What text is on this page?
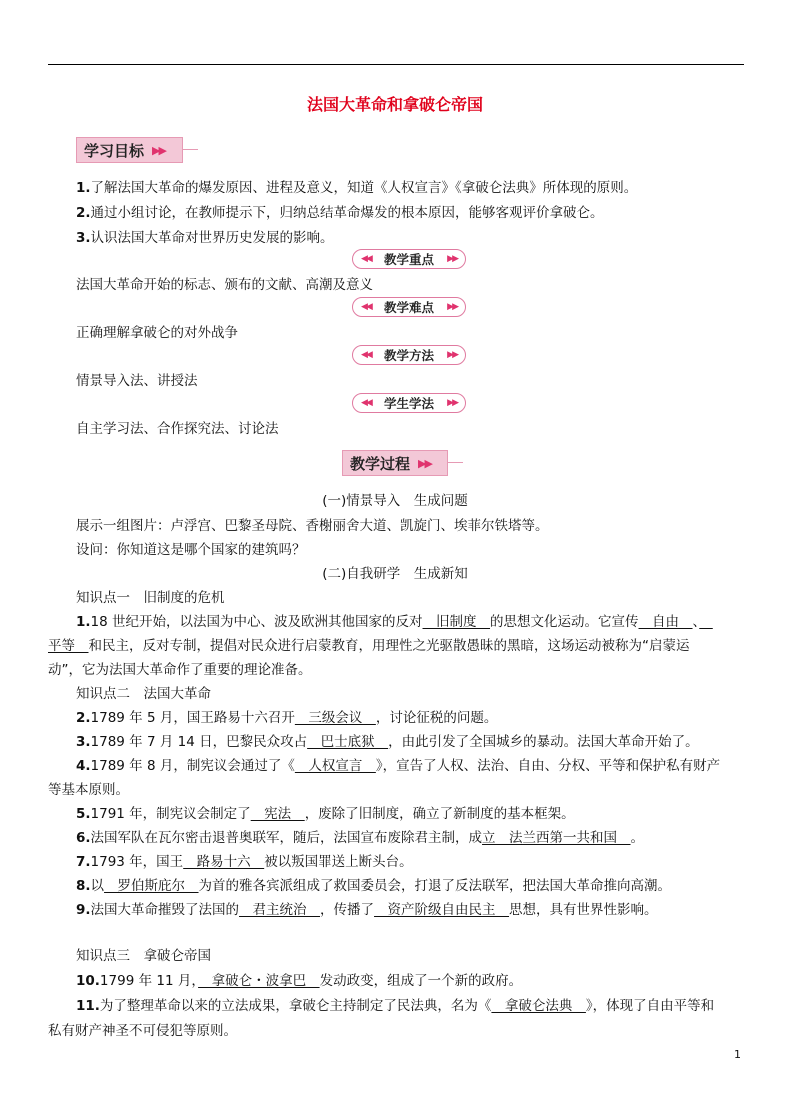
法国大革命和拿破仑帝国
学习目标 ▶▶
1.了解法国大革命的爆发原因、进程及意义，知道《人权宣言》《拿破仑法典》所体现的原则。
2.通过小组讨论，在教师提示下，归纳总结革命爆发的根本原因，能够客观评价拿破仑。
3.认识法国大革命对世界历史发展的影响。
◀◀ 教学重点 ▶▶
法国大革命开始的标志、颁布的文献、高潮及意义
◀◀ 教学难点 ▶▶
正确理解拿破仑的对外战争
◀◀ 教学方法 ▶▶
情景导入法、讲授法
◀◀ 学生学法 ▶▶
自主学习法、合作探究法、讨论法
教学过程 ▶▶
(一)情景导入　生成问题
展示一组图片：卢浮宫、巴黎圣母院、香榭丽舍大道、凯旋门、埃菲尔铁塔等。
设问：你知道这是哪个国家的建筑吗？
(二)自我研学　生成新知
知识点一　旧制度的危机
1.18 世纪开始，以法国为中心、波及欧洲其他国家的反对　旧制度　的思想文化运动。它宣传　自由　、　
平等　和民主，反对专制，提倡对民众进行启蒙教育，用理性之光驱散愚昧的黑暗，这场运动被称为“启蒙运
动”，它为法国大革命作了重要的理论准备。
知识点二　法国大革命
2.1789 年 5 月，国王路易十六召开　三级会议　，讨论征税的问题。
3.1789 年 7 月 14 日，巴黎民众攻占　巴士底狱　，由此引发了全国城乡的暴动。法国大革命开始了。
4.1789 年 8 月，制宪议会通过了《　人权宣言　》，宣告了人权、法治、自由、分权、平等和保护私有财产
等基本原则。
5.1791 年，制宪议会制定了　宪法　，废除了旧制度，确立了新制度的基本框架。
6.法国军队在瓦尔密击退普奥联军，随后，法国宣布废除君主制，成立　法兰西第一共和国　。
7.1793 年，国王　路易十六　被以叛国罪送上断头台。
8.以　罗伯斯庇尔　为首的雅各宾派组成了救国委员会，打退了反法联军，把法国大革命推向高潮。
9.法国大革命摧毁了法国的　君主统治　，传播了　资产阶级自由民主　思想，具有世界性影响。
知识点三　拿破仑帝国
10.1799 年 11 月，　拿破仑・波拿巴　发动政变，组成了一个新的政府。
11.为了整理革命以来的立法成果，拿破仑主持制定了民法典，名为《　拿破仑法典　》，体现了自由平等和
私有财产神圣不可侵犯等原则。
1
